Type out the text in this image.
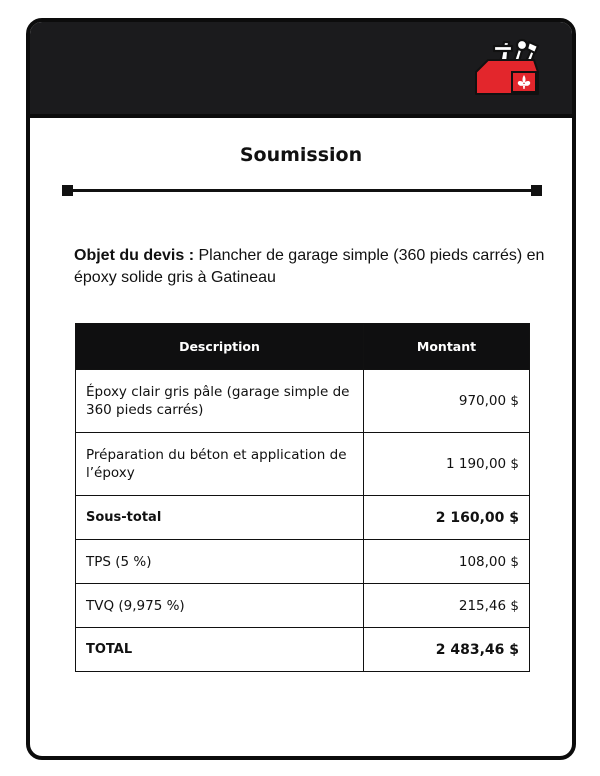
Soumission
Objet du devis : Plancher de garage simple (360 pieds carrés) en époxy solide gris à Gatineau
Description	Montant
Époxy clair gris pâle (garage simple de 360 pieds carrés)	970,00 $
Préparation du béton et application de l’époxy	1 190,00 $
Sous-total	2 160,00 $
TPS (5 %)	108,00 $
TVQ (9,975 %)	215,46 $
TOTAL	2 483,46 $
